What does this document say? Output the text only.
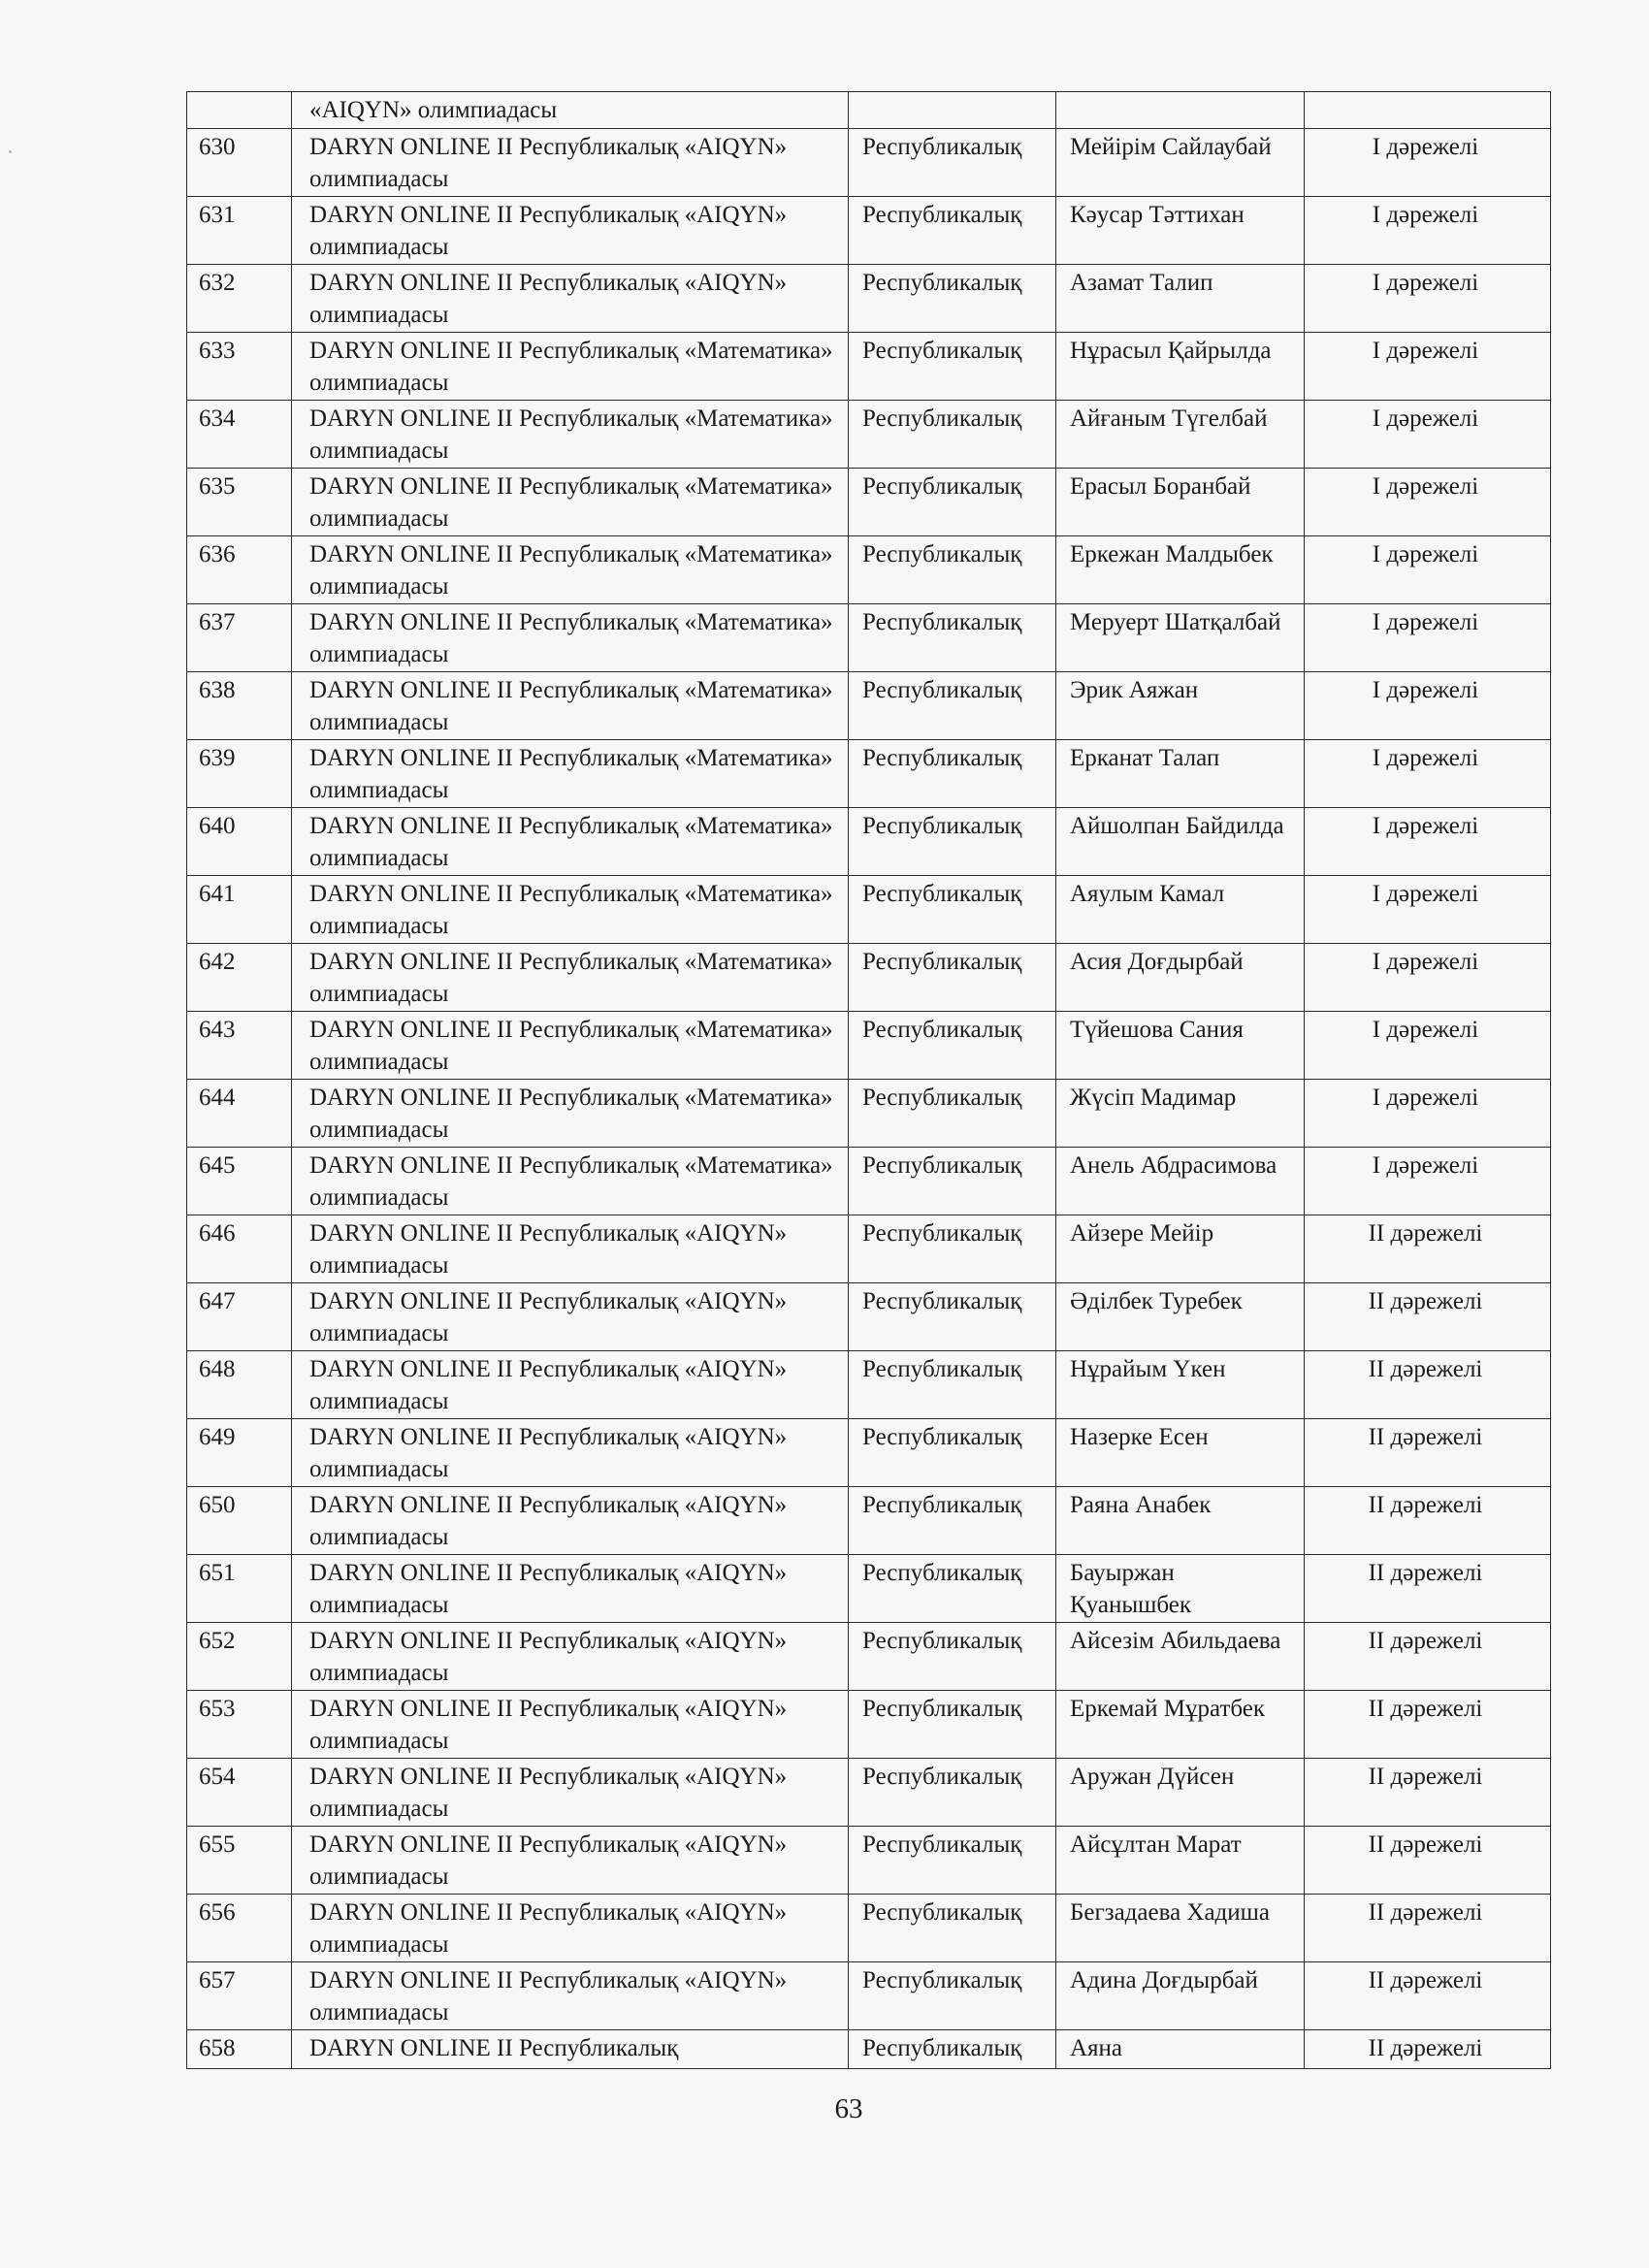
	«AIQYN» олимпиадасы			
630	DARYN ONLINE II Республикалық «AIQYN» олимпиадасы	Республикалық	Мейірім Сайлаубай	I дәрежелі
631	DARYN ONLINE II Республикалық «AIQYN» олимпиадасы	Республикалық	Кәусар Тәттихан	I дәрежелі
632	DARYN ONLINE II Республикалық «AIQYN» олимпиадасы	Республикалық	Азамат Талип	I дәрежелі
633	DARYN ONLINE II Республикалық «Математика» олимпиадасы	Республикалық	Нұрасыл Қайрылда	I дәрежелі
634	DARYN ONLINE II Республикалық «Математика» олимпиадасы	Республикалық	Айғаным Түгелбай	I дәрежелі
635	DARYN ONLINE II Республикалық «Математика» олимпиадасы	Республикалық	Ерасыл Боранбай	I дәрежелі
636	DARYN ONLINE II Республикалық «Математика» олимпиадасы	Республикалық	Еркежан Малдыбек	I дәрежелі
637	DARYN ONLINE II Республикалық «Математика» олимпиадасы	Республикалық	Меруерт Шатқалбай	I дәрежелі
638	DARYN ONLINE II Республикалық «Математика» олимпиадасы	Республикалық	Эрик Аяжан	I дәрежелі
639	DARYN ONLINE II Республикалық «Математика» олимпиадасы	Республикалық	Ерканат Талап	I дәрежелі
640	DARYN ONLINE II Республикалық «Математика» олимпиадасы	Республикалық	Айшолпан Байдилда	I дәрежелі
641	DARYN ONLINE II Республикалық «Математика» олимпиадасы	Республикалық	Аяулым Камал	I дәрежелі
642	DARYN ONLINE II Республикалық «Математика» олимпиадасы	Республикалық	Асия Доғдырбай	I дәрежелі
643	DARYN ONLINE II Республикалық «Математика» олимпиадасы	Республикалық	Түйешова Сания	I дәрежелі
644	DARYN ONLINE II Республикалық «Математика» олимпиадасы	Республикалық	Жүсіп Мадимар	I дәрежелі
645	DARYN ONLINE II Республикалық «Математика» олимпиадасы	Республикалық	Анель Абдрасимова	I дәрежелі
646	DARYN ONLINE II Республикалық «AIQYN» олимпиадасы	Республикалық	Айзере Мейір	II дәрежелі
647	DARYN ONLINE II Республикалық «AIQYN» олимпиадасы	Республикалық	Әділбек Туребек	II дәрежелі
648	DARYN ONLINE II Республикалық «AIQYN» олимпиадасы	Республикалық	Нұрайым Үкен	II дәрежелі
649	DARYN ONLINE II Республикалық «AIQYN» олимпиадасы	Республикалық	Назерке Есен	II дәрежелі
650	DARYN ONLINE II Республикалық «AIQYN» олимпиадасы	Республикалық	Раяна Анабек	II дәрежелі
651	DARYN ONLINE II Республикалық «AIQYN» олимпиадасы	Республикалық	Бауыржан Қуанышбек	II дәрежелі
652	DARYN ONLINE II Республикалық «AIQYN» олимпиадасы	Республикалық	Айсезім Абильдаева	II дәрежелі
653	DARYN ONLINE II Республикалық «AIQYN» олимпиадасы	Республикалық	Еркемай Мұратбек	II дәрежелі
654	DARYN ONLINE II Республикалық «AIQYN» олимпиадасы	Республикалық	Аружан Дүйсен	II дәрежелі
655	DARYN ONLINE II Республикалық «AIQYN» олимпиадасы	Республикалық	Айсұлтан Марат	II дәрежелі
656	DARYN ONLINE II Республикалық «AIQYN» олимпиадасы	Республикалық	Бегзадаева Хадиша	II дәрежелі
657	DARYN ONLINE II Республикалық «AIQYN» олимпиадасы	Республикалық	Адина Доғдырбай	II дәрежелі
658	DARYN ONLINE II Республикалық	Республикалық	Аяна	II дәрежелі
63
